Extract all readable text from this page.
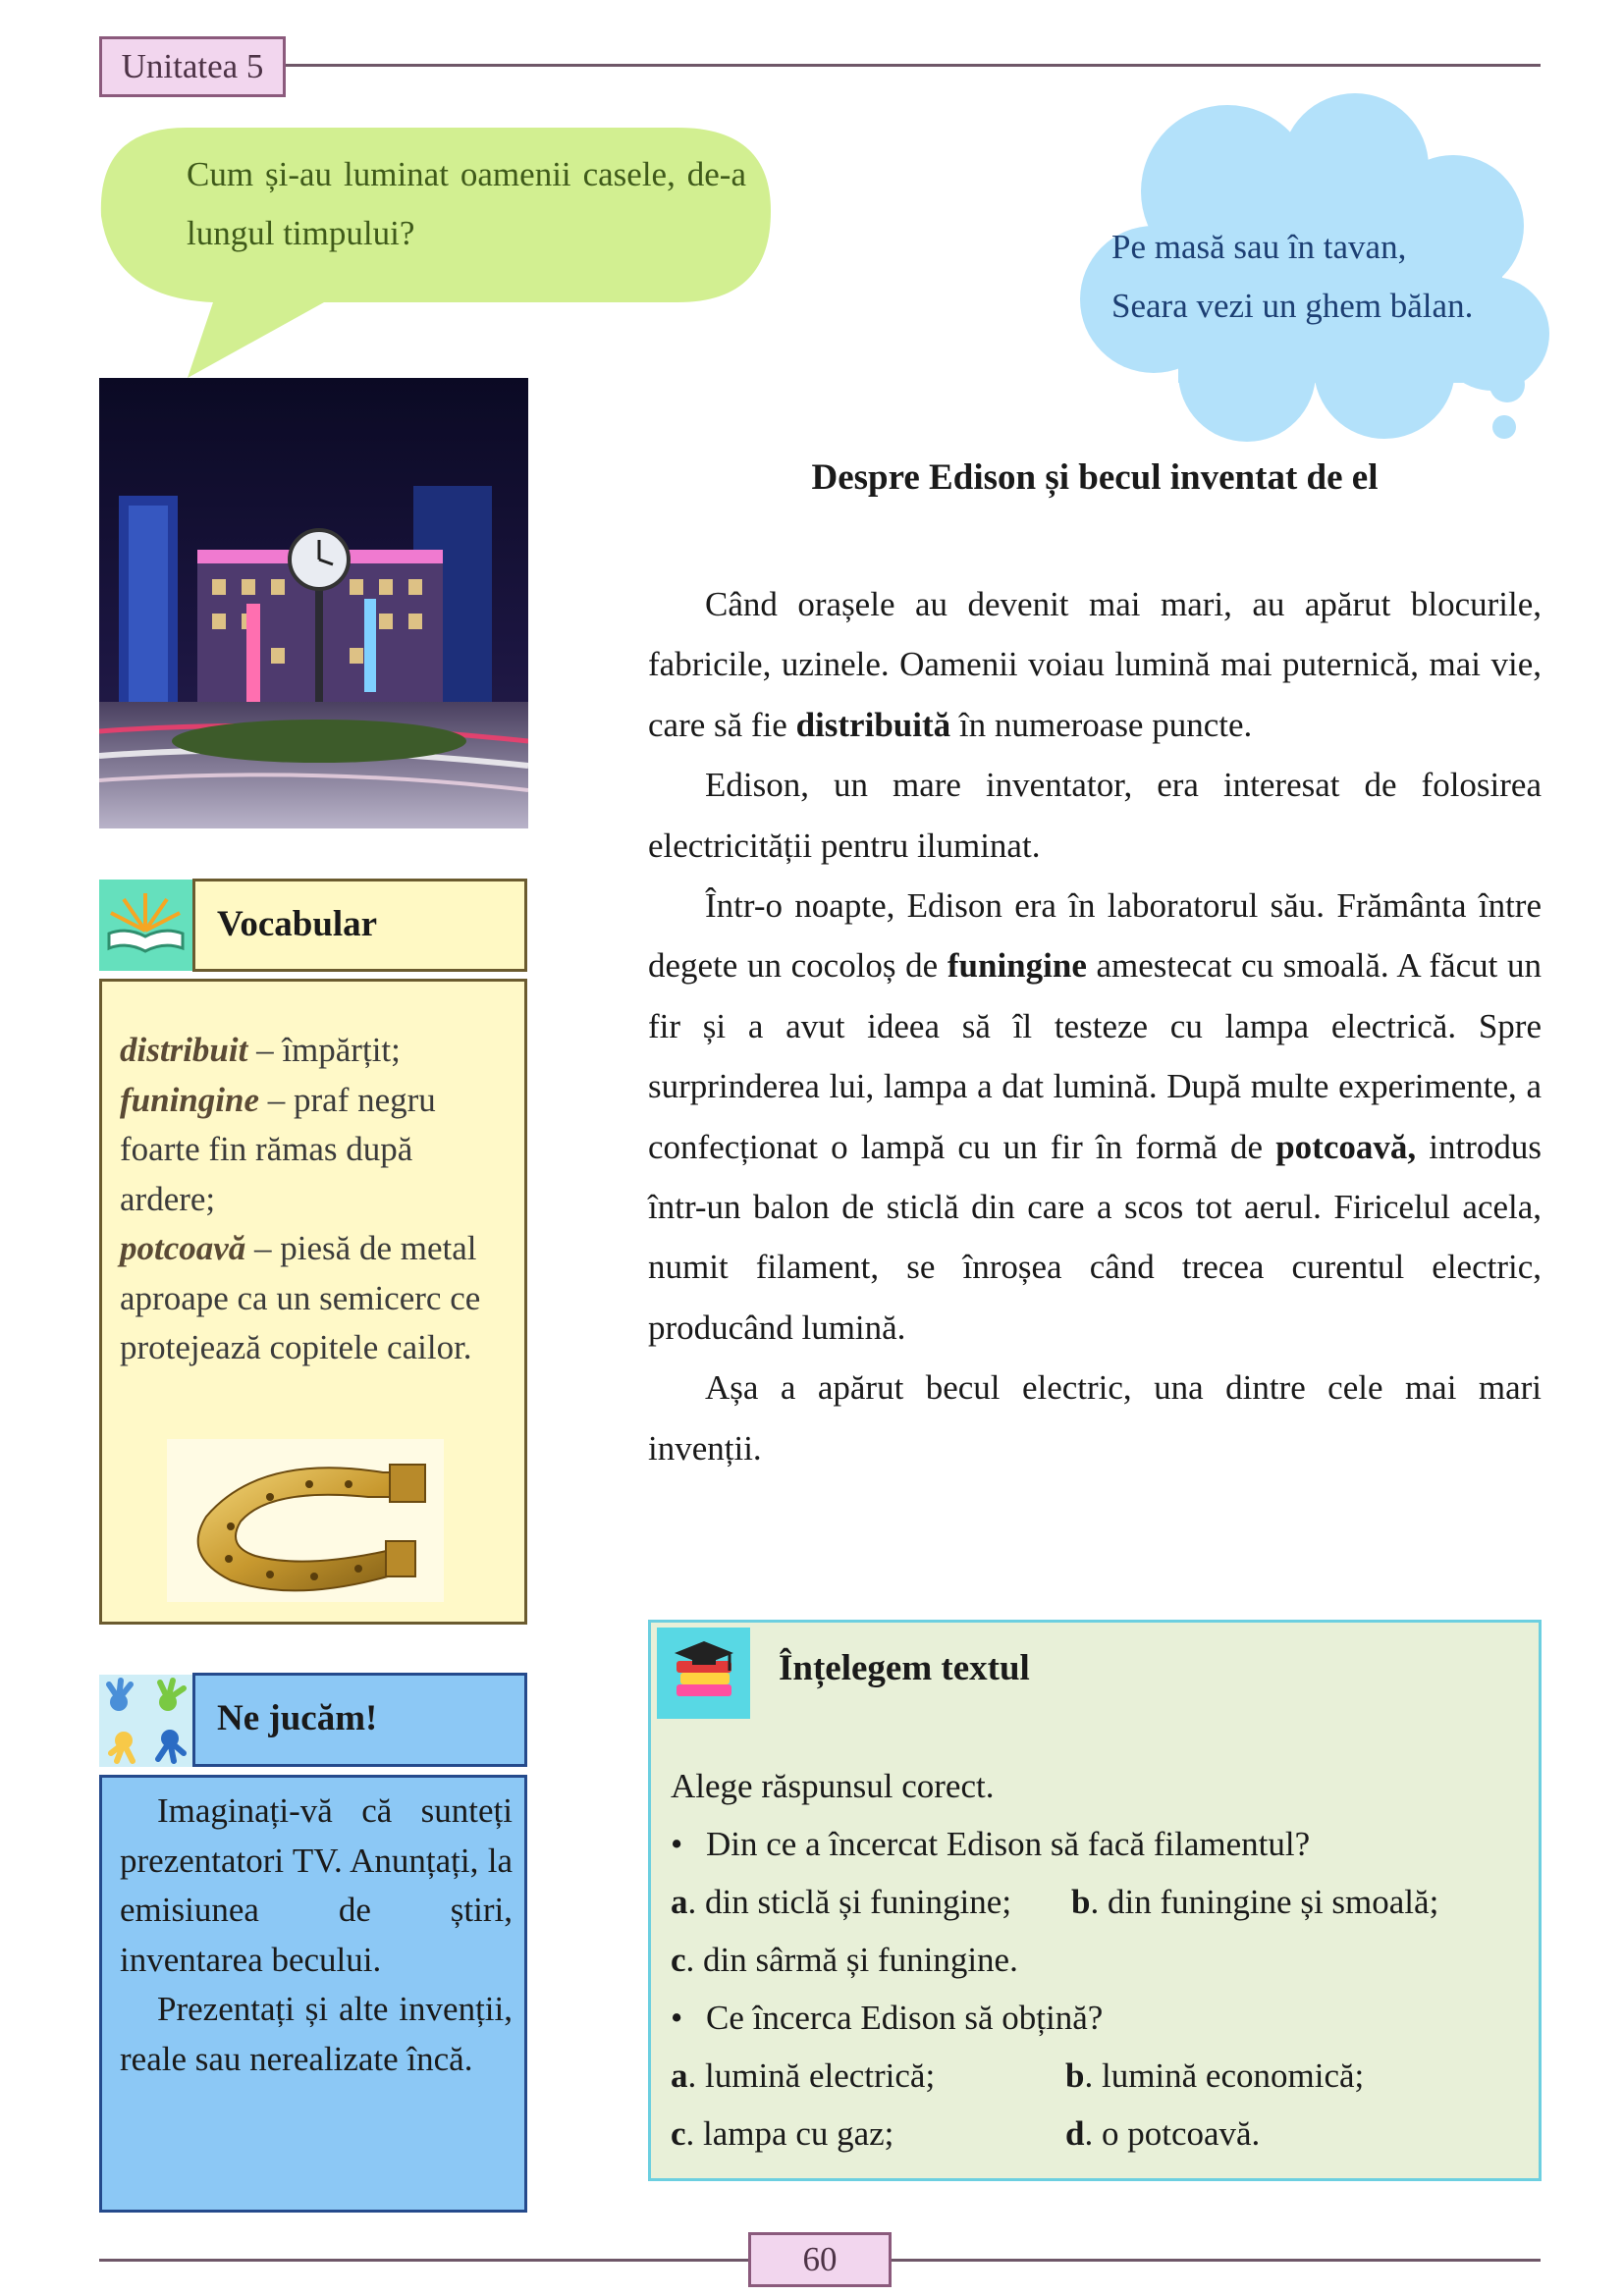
Unitatea 5
Cum și-au luminat oamenii casele, de-a lungul timpului?	Pe masă sau în tavan,
Seara vezi un ghem bălan.
Despre Edison și becul inventat de el

Când orașele au devenit mai mari, au apărut blocurile, fabricile, uzinele. Oamenii voiau lumină mai puternică, mai vie, care să fie distribuită în numeroase puncte.

Edison, un mare inventator, era interesat de folosirea electricității pentru iluminat.

Într-o noapte, Edison era în laboratorul său. Frământa între degete un cocoloș de funingine amestecat cu smoală. A făcut un fir și a avut ideea să îl testeze cu lampa electrică. Spre surprinderea lui, lampa a dat lumină. După multe experimente, a confecționat o lampă cu un fir în formă de potcoavă, introdus într-un balon de sticlă din care a scos tot aerul. Firicelul acela, numit filament, se înroșea când trecea curentul electric, producând lumină.

Așa a apărut becul electric, una dintre cele mai mari invenții.

Vocabular
distribuit – împărțit;
funingine – praf negru foarte fin rămas după ardere;
potcoavă – piesă de metal aproape ca un semicerc ce protejează copitele cailor.
Ne jucăm!

Imaginați-vă că sunteți prezentatori TV. Anunțați, la emisiunea de știri, inventarea becului.

Prezentați și alte invenții, reale sau nerealizate încă.

Înțelegem textul
Alege răspunsul corect.
• Din ce a încercat Edison să facă filamentul?
a. din sticlă și funingine; b. din funingine și smoală;
c. din sârmă și funingine.
• Ce încerca Edison să obțină?
a. lumină electrică;	b. lumină economică;
c. lampa cu gaz;	d. o potcoavă.
60
